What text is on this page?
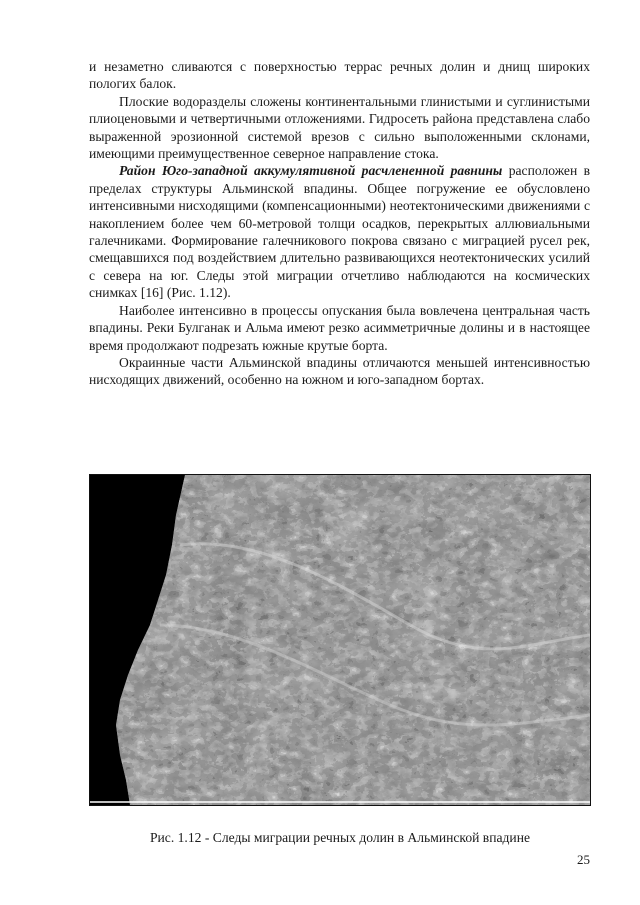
и незаметно сливаются с поверхностью террас речных долин и днищ широких пологих балок.

Плоские водоразделы сложены континентальными глинистыми и суглинистыми плиоценовыми и четвертичными отложениями. Гидросеть района представлена слабо выраженной эрозионной системой врезов с сильно выположенными склонами, имеющими преимущественное северное направление стока.

Район Юго-западной аккумулятивной расчлененной равнины расположен в пределах структуры Альминской впадины. Общее погружение ее обусловлено интенсивными нисходящими (компенсационными) неотектоническими движениями с накоплением более чем 60-метровой толщи осадков, перекрытых аллювиальными галечниками. Формирование галечникового покрова связано с миграцией русел рек, смещавшихся под воздействием длительно развивающихся неотектонических усилий с севера на юг. Следы этой миграции отчетливо наблюдаются на космических снимках [16] (Рис. 1.12).

Наиболее интенсивно в процессы опускания была вовлечена центральная часть впадины. Реки Булганак и Альма имеют резко асимметричные долины и в настоящее время продолжают подрезать южные крутые борта.

Окраинные части Альминской впадины отличаются меньшей интенсивностью нисходящих движений, особенно на южном и юго-западном бортах.

Рис. 1.12 - Следы миграции речных долин в Альминской впадине
25
